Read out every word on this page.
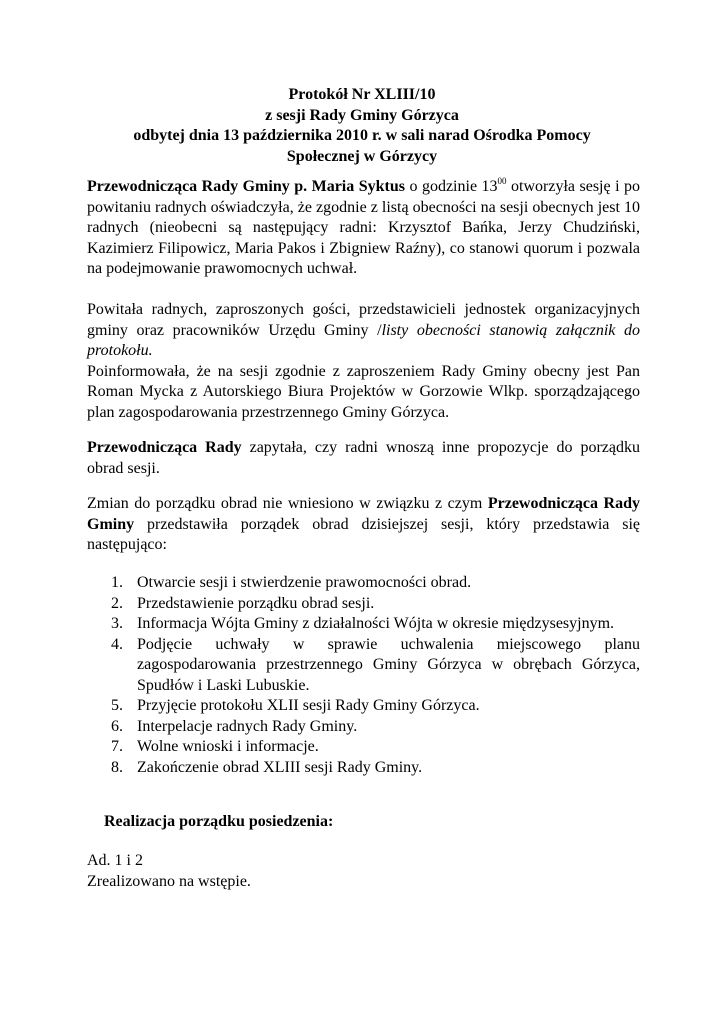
Protokół Nr XLIII/10
z sesji Rady Gminy Górzyca
odbytej dnia 13 października 2010 r. w sali narad Ośrodka Pomocy
Społecznej w Górzycy

Przewodnicząca Rady Gminy p. Maria Syktus o godzinie $13^{00}$ otworzyła sesję i po powitaniu radnych oświadczyła, że zgodnie z listą obecności na sesji obecnych jest 10 radnych (nieobecni są następujący radni: Krzysztof Bańka, Jerzy Chudziński, Kazimierz Filipowicz, Maria Pakos i Zbigniew Raźny), co stanowi quorum i pozwala na podejmowanie prawomocnych uchwał.

Powitała radnych, zaproszonych gości, przedstawicieli jednostek organizacyjnych gminy oraz pracowników Urzędu Gminy /listy obecności stanowią załącznik do protokołu.

Poinformowała, że na sesji zgodnie z zaproszeniem Rady Gminy obecny jest Pan Roman Mycka z Autorskiego Biura Projektów w Gorzowie Wlkp. sporządzającego plan zagospodarowania przestrzennego Gminy Górzyca.

Przewodnicząca Rady zapytała, czy radni wnoszą inne propozycje do porządku obrad sesji.

Zmian do porządku obrad nie wniesiono w związku z czym Przewodnicząca Rady Gminy przedstawiła porządek obrad dzisiejszej sesji, który przedstawia się następująco:

1. Otwarcie sesji i stwierdzenie prawomocności obrad.
2. Przedstawienie porządku obrad sesji.
3. Informacja Wójta Gminy z działalności Wójta w okresie międzysesyjnym.
4. Podjęcie uchwały w sprawie uchwalenia miejscowego planu zagospodarowania przestrzennego Gminy Górzyca w obrębach Górzyca, Spudłów i Laski Lubuskie.
5. Przyjęcie protokołu XLII sesji Rady Gminy Górzyca.
6. Interpelacje radnych Rady Gminy.
7. Wolne wnioski i informacje.
8. Zakończenie obrad XLIII sesji Rady Gminy.
Realizacja porządku posiedzenia:

Ad. 1 i 2

Zrealizowano na wstępie.
